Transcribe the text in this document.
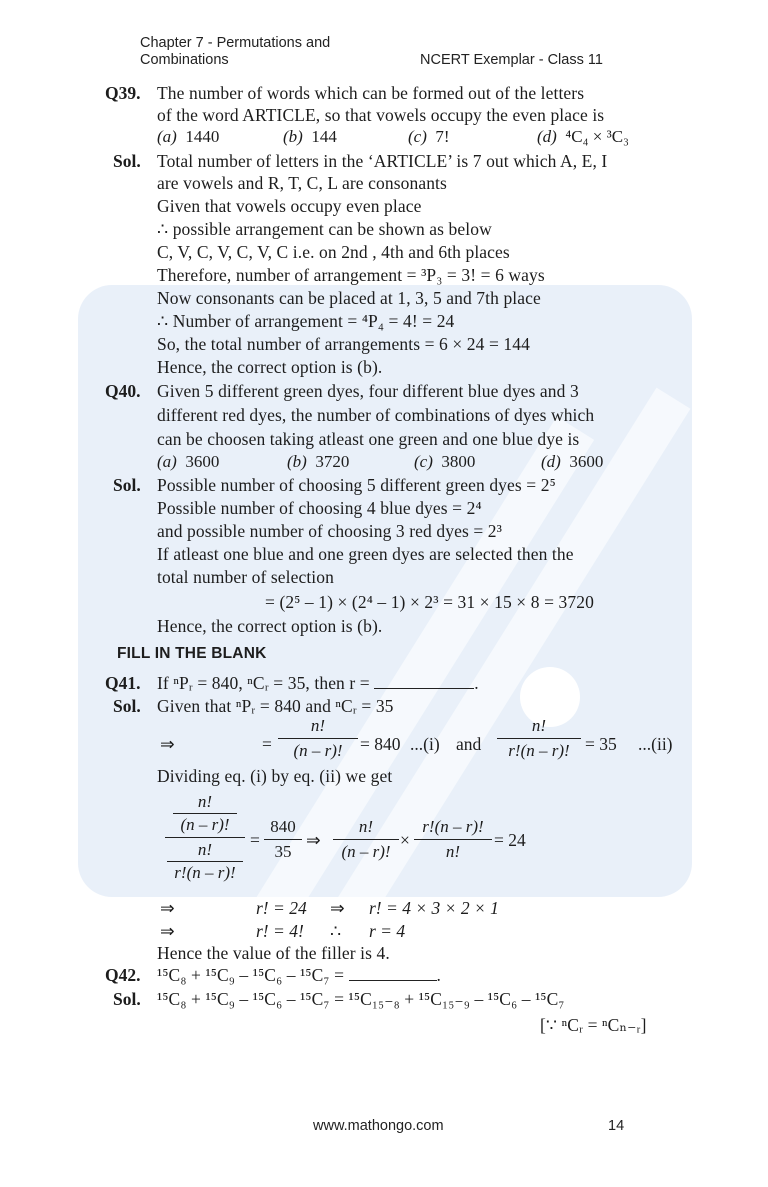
Chapter 7 - Permutations and
Combinations	NCERT Exemplar - Class 11
Q39. The number of words which can be formed out of the letters
of the word ARTICLE, so that vowels occupy the even place is
(a) 1440	(b) 144	(c) 7!	(d) ⁴C₄ × ³C₃
Sol. Total number of letters in the ‘ARTICLE’ is 7 out which A, E, I
are vowels and R, T, C, L are consonants
Given that vowels occupy even place
∴ possible arrangement can be shown as below
C, V, C, V, C, V, C i.e. on 2nd , 4th and 6th places
Therefore, number of arrangement = ³P₃ = 3! = 6 ways
Now consonants can be placed at 1, 3, 5 and 7th place
∴ Number of arrangement = ⁴P₄ = 4! = 24
So, the total number of arrangements = 6 × 24 = 144
Hence, the correct option is (b).
Q40. Given 5 different green dyes, four different blue dyes and 3
different red dyes, the number of combinations of dyes which
can be choosen taking atleast one green and one blue dye is
(a) 3600	(b) 3720	(c) 3800	(d) 3600
Sol. Possible number of choosing 5 different green dyes = 2⁵
Possible number of choosing 4 blue dyes = 2⁴
and possible number of choosing 3 red dyes = 2³
If atleast one blue and one green dyes are selected then the
total number of selection
= (2⁵ – 1) × (2⁴ – 1) × 2³ = 31 × 15 × 8 = 3720
Hence, the correct option is (b).
FILL IN THE BLANK
Q41. If ⁿPᵣ = 840, ⁿCᵣ = 35, then r =	.
Sol. Given that ⁿPᵣ = 840 and ⁿCᵣ = 35
⇒	=
n!
(n – r)! = 840 ...(i) and
n!
r!(n – r)! = 35 ...(ii)
Dividing eq. (i) by eq. (ii) we get
n!
(n – r)!
n!
r!(n – r)!
=
840
35
⇒
n!
(n – r)!
×
r!(n – r)!
n!
= 24
⇒	r! = 24 ⇒ r! = 4 × 3 × 2 × 1
⇒	r! = 4! ∴ r = 4
Hence the value of the filler is 4.
Q42. ¹⁵C₈ + ¹⁵C₉ – ¹⁵C₆ – ¹⁵C₇ =	.
Sol. ¹⁵C₈ + ¹⁵C₉ – ¹⁵C₆ – ¹⁵C₇ = ¹⁵C₁₅₋₈ + ¹⁵C₁₅₋₉ – ¹⁵C₆ – ¹⁵C₇
[∵ ⁿCᵣ = ⁿCₙ₋ᵣ]
www.mathongo.com	14
